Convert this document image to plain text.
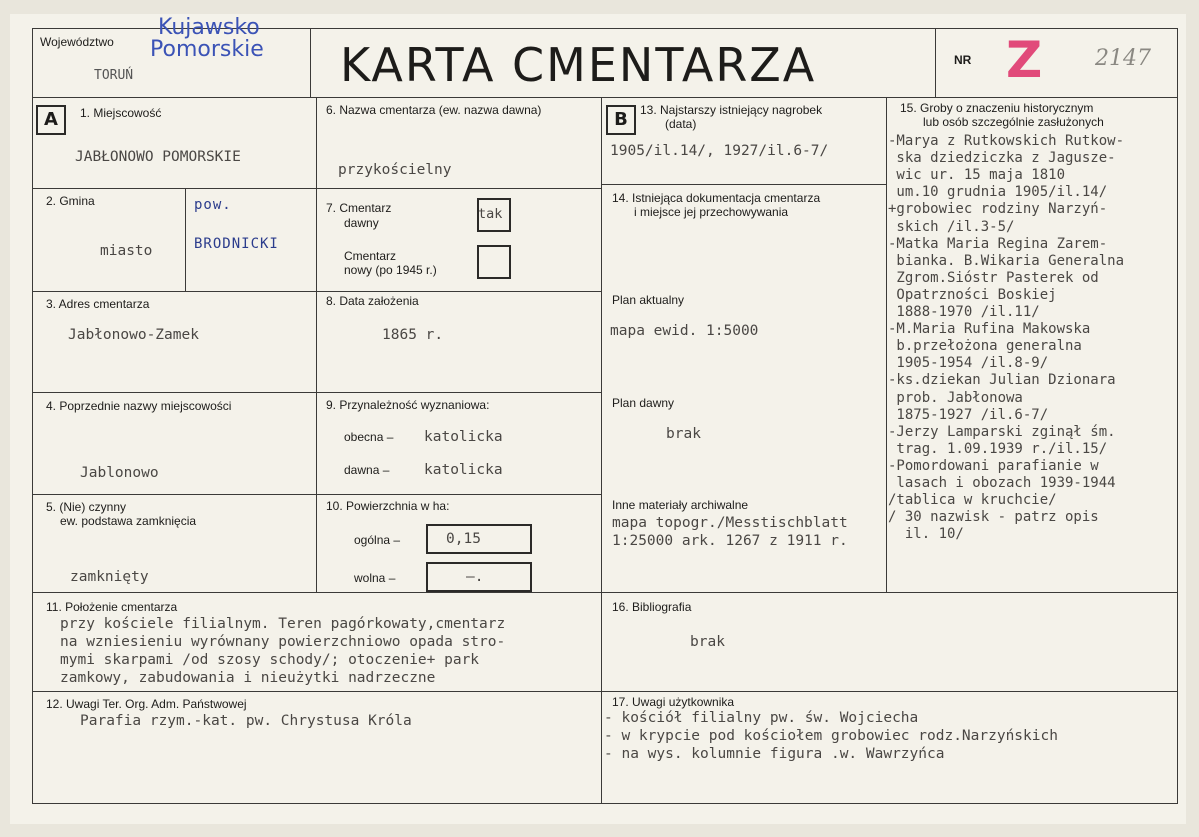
Województwo
Kujawsko
Pomorskie
TORUŃ	KARTA CMENTARZA	NR Z 2147
A	1. Miejscowość
JABŁONOWO POMORSKIE
2. Gmina
miasto
pow.
BRODNICKI
3. Adres cmentarza
Jabłonowo-Zamek
4. Poprzednie nazwy miejscowości
Jablonowo
5. (Nie) czynny
ew. podstawa zamknięcia
zamknięty
6. Nazwa cmentarza (ew. nazwa dawna)
przykościelny
7. Cmentarz
dawny
tak
Cmentarz
nowy (po 1945 r.)
8. Data założenia
1865 r.
9. Przynależność wyznaniowa:
obecna – katolicka
dawna – katolicka
10. Powierzchnia w ha:
ogólna –	0,15
wolna –	–.
B	13. Najstarszy istniejący nagrobek
(data)
1905/il.14/, 1927/il.6-7/
14. Istniejąca dokumentacja cmentarza
i miejsce jej przechowywania
Plan aktualny
mapa ewid. 1:5000
Plan dawny
brak
Inne materiały archiwalne
mapa topogr./Messtischblatt
1:25000 ark. 1267 z 1911 r.
15. Groby o znaczeniu historycznym
lub osób szczególnie zasłużonych
-Marya z Rutkowskich Rutkow-
ska dziedziczka z Jagusze-
wic ur. 15 maja 1810
um.10 grudnia 1905/il.14/
+grobowiec rodziny Narzyń-
skich /il.3-5/
-Matka Maria Regina Zarem-
bianka. B.Wikaria Generalna
Zgrom.Sióstr Pasterek od
Opatrzności Boskiej
1888-1970 /il.11/
-M.Maria Rufina Makowska
b.przełożona generalna
1905-1954 /il.8-9/
-ks.dziekan Julian Dzionara
prob. Jabłonowa
1875-1927 /il.6-7/
-Jerzy Lamparski zginął śm.
trag. 1.09.1939 r./il.15/
-Pomordowani parafianie w
lasach i obozach 1939-1944
/tablica w kruchcie/
/ 30 nazwisk - patrz opis
il. 10/
11. Położenie cmentarza
przy kościele filialnym. Teren pagórkowaty,cmentarz
na wzniesieniu wyrównany powierzchniowo opada stro-
mymi skarpami /od szosy schody/; otoczenie+ park
zamkowy, zabudowania i nieużytki nadrzeczne
16. Bibliografia
brak
12. Uwagi Ter. Org. Adm. Państwowej
Parafia rzym.-kat. pw. Chrystusa Króla
17. Uwagi użytkownika
- kościół filialny pw. św. Wojciecha
- w krypcie pod kościołem grobowiec rodz.Narzyńskich
- na wys. kolumnie figura .w. Wawrzyńca
